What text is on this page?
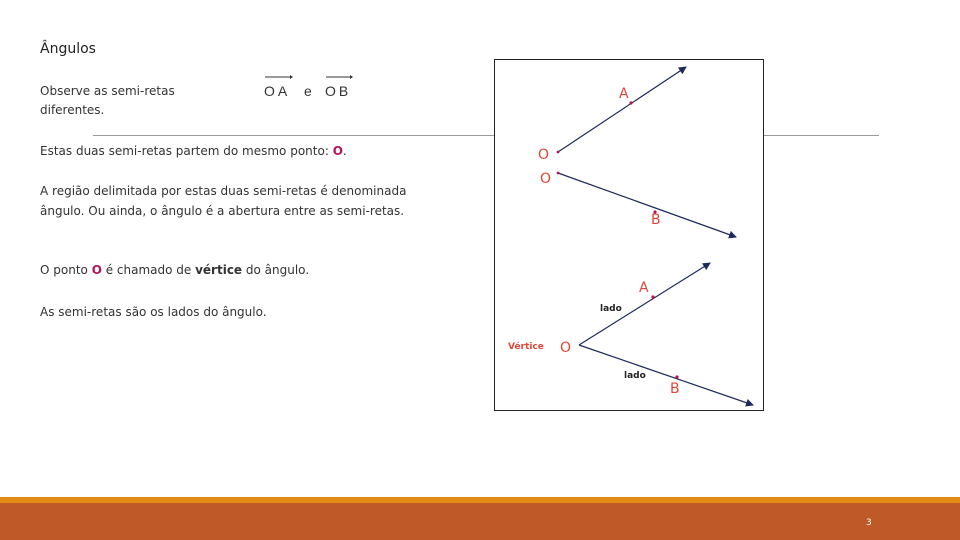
Ângulos
Observe as semi-retas diferentes.
OA e OB
Estas duas semi-retas partem do mesmo ponto: O.
A região delimitada por estas duas semi-retas é denominada ângulo. Ou ainda, o ângulo é a abertura entre as semi-retas.
O ponto O é chamado de vértice do ângulo.
As semi-retas são os lados do ângulo.
A
O
O
B
A
B
O
lado
lado
Vértice
3
